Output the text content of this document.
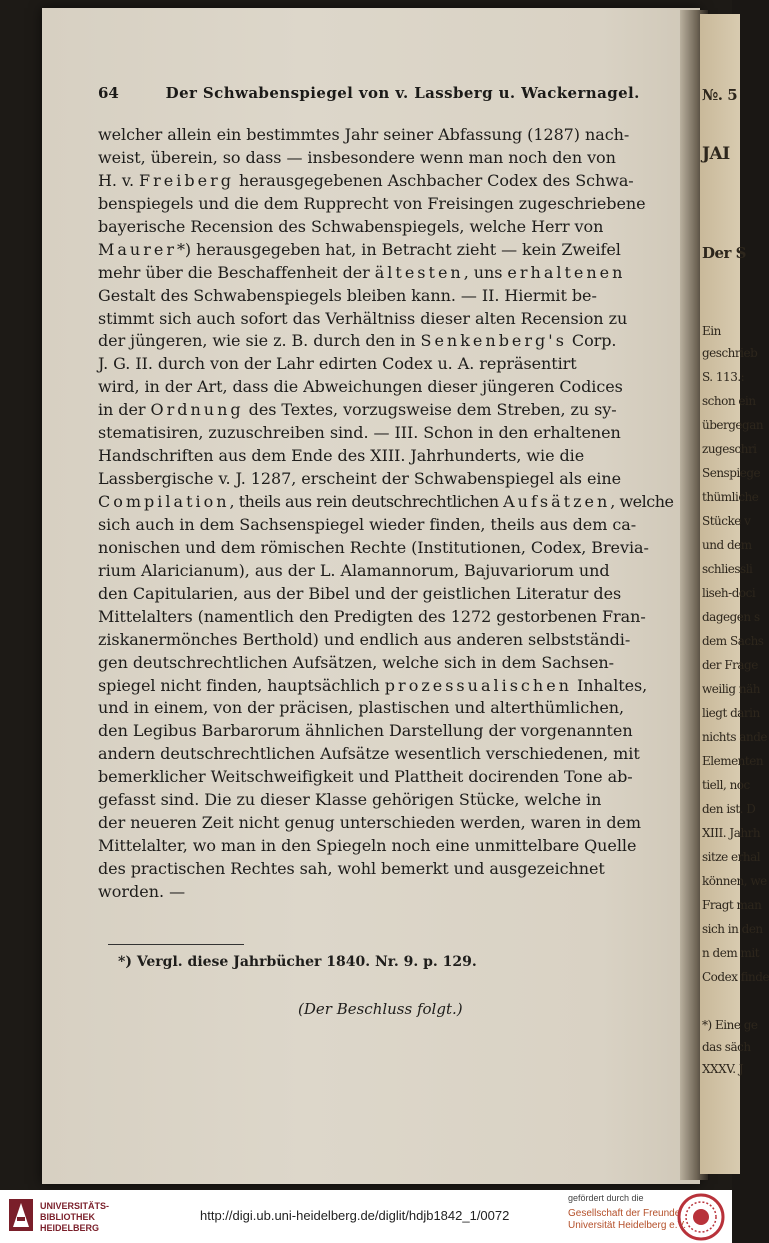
№. 5
JAI
Der S
Ein
geschrieb
S. 113.:
schon ein
übergegan
zugeschri
Senspiege
thümliche
Stücke v
und dem
schliessli
liseh-doci
dagegen s
dem Sachs
der Frage
weilig näh
liegt darin
nichts ande
Elementen
tiell, noc
den ist. D
XIII. Jahrh
sitze erhal
können, we
Fragt man
sich in den
n dem mit
Codex finde
*) Eine ge
das säch
XXXV. J
64	Der Schwabenspiegel von v. Lassberg u. Wackernagel.
welcher allein ein bestimmtes Jahr seiner Abfassung (1287) nach-
weist, überein, so dass — insbesondere wenn man noch den von
H. v. Freiberg herausgegebenen Aschbacher Codex des Schwa-
benspiegels und die dem Rupprecht von Freisingen zugeschriebene
bayerische Recension des Schwabenspiegels, welche Herr von
Maurer*) herausgegeben hat, in Betracht zieht — kein Zweifel
mehr über die Beschaffenheit der ältesten, uns erhaltenen
Gestalt des Schwabenspiegels bleiben kann. — II. Hiermit be-
stimmt sich auch sofort das Verhältniss dieser alten Recension zu
der jüngeren, wie sie z. B. durch den in Senkenberg's Corp.
J. G. II. durch von der Lahr edirten Codex u. A. repräsentirt
wird, in der Art, dass die Abweichungen dieser jüngeren Codices
in der Ordnung des Textes, vorzugsweise dem Streben, zu sy-
stematisiren, zuzuschreiben sind. — III. Schon in den erhaltenen
Handschriften aus dem Ende des XIII. Jahrhunderts, wie die
Lassbergische v. J. 1287, erscheint der Schwabenspiegel als eine
Compilation, theils aus rein deutschrechtlichen Aufsätzen, welche
sich auch in dem Sachsenspiegel wieder finden, theils aus dem ca-
nonischen und dem römischen Rechte (Institutionen, Codex, Brevia-
rium Alaricianum), aus der L. Alamannorum, Bajuvariorum und
den Capitularien, aus der Bibel und der geistlichen Literatur des
Mittelalters (namentlich den Predigten des 1272 gestorbenen Fran-
ziskanermönches Berthold) und endlich aus anderen selbstständi-
gen deutschrechtlichen Aufsätzen, welche sich in dem Sachsen-
spiegel nicht finden, hauptsächlich prozessualischen Inhaltes,
und in einem, von der präcisen, plastischen und alterthümlichen,
den Legibus Barbarorum ähnlichen Darstellung der vorgenannten
andern deutschrechtlichen Aufsätze wesentlich verschiedenen, mit
bemerklicher Weitschweifigkeit und Plattheit docirenden Tone ab-
gefasst sind. Die zu dieser Klasse gehörigen Stücke, welche in
der neueren Zeit nicht genug unterschieden werden, waren in dem
Mittelalter, wo man in den Spiegeln noch eine unmittelbare Quelle
des practischen Rechtes sah, wohl bemerkt und ausgezeichnet
worden. —
*) Vergl. diese Jahrbücher 1840. Nr. 9. p. 129.
(Der Beschluss folgt.)
UNIVERSITÄTS-
BIBLIOTHEK
HEIDELBERG
http://digi.ub.uni-heidelberg.de/diglit/hdjb1842_1/0072
gefördert durch die
Gesellschaft der Freunde
Universität Heidelberg e.V.
